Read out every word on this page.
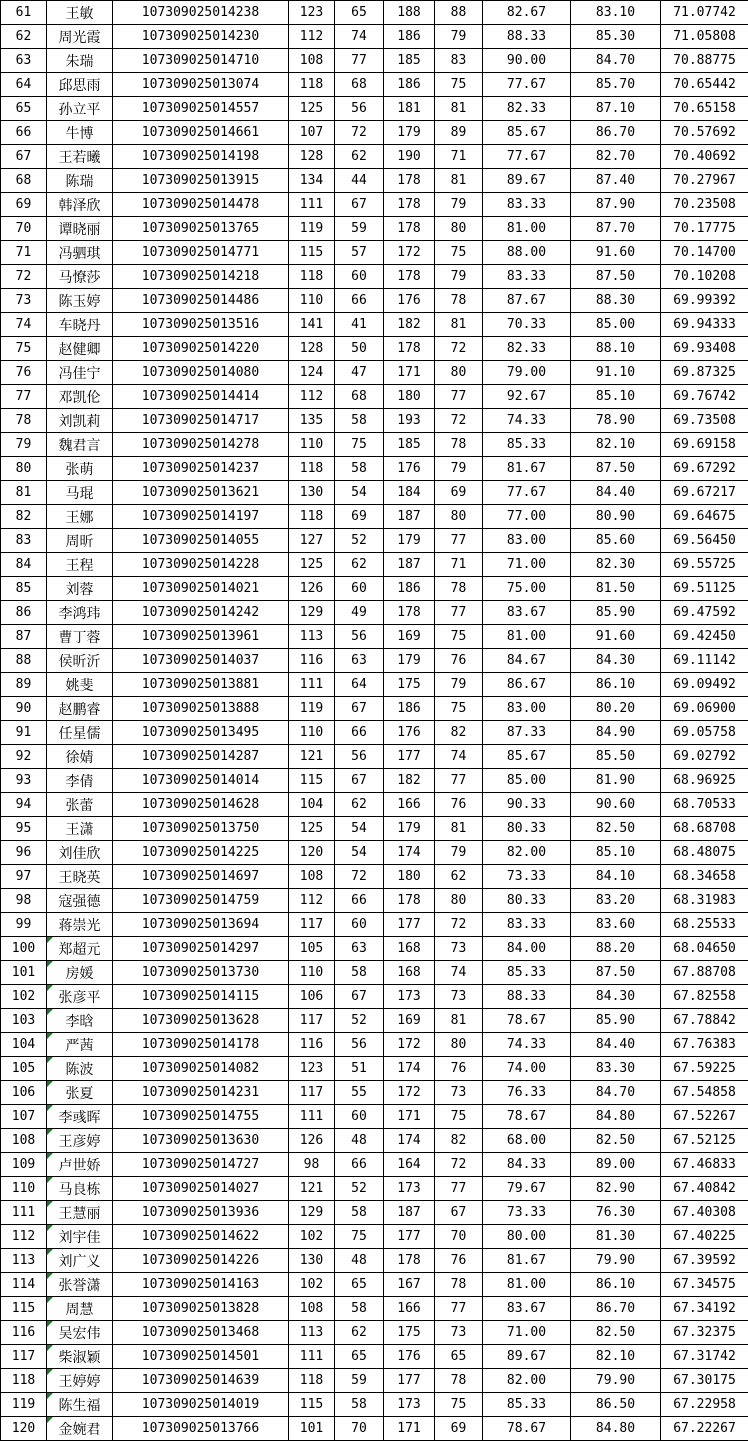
61	王敏	107309025014238	123	65	188	88	82.67	83.10	71.07742
62	周光霞	107309025014230	112	74	186	79	88.33	85.30	71.05808
63	朱瑞	107309025014710	108	77	185	83	90.00	84.70	70.88775
64	邱思雨	107309025013074	118	68	186	75	77.67	85.70	70.65442
65	孙立平	107309025014557	125	56	181	81	82.33	87.10	70.65158
66	牛博	107309025014661	107	72	179	89	85.67	86.70	70.57692
67	王若曦	107309025014198	128	62	190	71	77.67	82.70	70.40692
68	陈瑞	107309025013915	134	44	178	81	89.67	87.40	70.27967
69	韩泽欣	107309025014478	111	67	178	79	83.33	87.90	70.23508
70	谭晓丽	107309025013765	119	59	178	80	81.00	87.70	70.17775
71	冯驷琪	107309025014771	115	57	172	75	88.00	91.60	70.14700
72	马憭莎	107309025014218	118	60	178	79	83.33	87.50	70.10208
73	陈玉婷	107309025014486	110	66	176	78	87.67	88.30	69.99392
74	车晓丹	107309025013516	141	41	182	81	70.33	85.00	69.94333
75	赵健卿	107309025014220	128	50	178	72	82.33	88.10	69.93408
76	冯佳宁	107309025014080	124	47	171	80	79.00	91.10	69.87325
77	邓凯伦	107309025014414	112	68	180	77	92.67	85.10	69.76742
78	刘凯莉	107309025014717	135	58	193	72	74.33	78.90	69.73508
79	魏君言	107309025014278	110	75	185	78	85.33	82.10	69.69158
80	张萌	107309025014237	118	58	176	79	81.67	87.50	69.67292
81	马琨	107309025013621	130	54	184	69	77.67	84.40	69.67217
82	王娜	107309025014197	118	69	187	80	77.00	80.90	69.64675
83	周昕	107309025014055	127	52	179	77	83.00	85.60	69.56450
84	王程	107309025014228	125	62	187	71	71.00	82.30	69.55725
85	刘蓉	107309025014021	126	60	186	78	75.00	81.50	69.51125
86	李鸿玮	107309025014242	129	49	178	77	83.67	85.90	69.47592
87	曹丁蓉	107309025013961	113	56	169	75	81.00	91.60	69.42450
88	侯昕沂	107309025014037	116	63	179	76	84.67	84.30	69.11142
89	姚斐	107309025013881	111	64	175	79	86.67	86.10	69.09492
90	赵鹏睿	107309025013888	119	67	186	75	83.00	80.20	69.06900
91	任星儒	107309025013495	110	66	176	82	87.33	84.90	69.05758
92	徐婧	107309025014287	121	56	177	74	85.67	85.50	69.02792
93	李倩	107309025014014	115	67	182	77	85.00	81.90	68.96925
94	张蕾	107309025014628	104	62	166	76	90.33	90.60	68.70533
95	王潇	107309025013750	125	54	179	81	80.33	82.50	68.68708
96	刘佳欣	107309025014225	120	54	174	79	82.00	85.10	68.48075
97	王晓英	107309025014697	108	72	180	62	73.33	84.10	68.34658
98	寇强德	107309025014759	112	66	178	80	80.33	83.20	68.31983
99	蒋崇光	107309025013694	117	60	177	72	83.33	83.60	68.25533
100	郑超元	107309025014297	105	63	168	73	84.00	88.20	68.04650
101	房媛	107309025013730	110	58	168	74	85.33	87.50	67.88708
102	张彦平	107309025014115	106	67	173	73	88.33	84.30	67.82558
103	李晗	107309025013628	117	52	169	81	78.67	85.90	67.78842
104	严茜	107309025014178	116	56	172	80	74.33	84.40	67.76383
105	陈波	107309025014082	123	51	174	76	74.00	83.30	67.59225
106	张夏	107309025014231	117	55	172	73	76.33	84.70	67.54858
107	李彧晖	107309025014755	111	60	171	75	78.67	84.80	67.52267
108	王彦婷	107309025013630	126	48	174	82	68.00	82.50	67.52125
109	卢世娇	107309025014727	98	66	164	72	84.33	89.00	67.46833
110	马良栋	107309025014027	121	52	173	77	79.67	82.90	67.40842
111	王慧丽	107309025013936	129	58	187	67	73.33	76.30	67.40308
112	刘宇佳	107309025014622	102	75	177	70	80.00	81.30	67.40225
113	刘广义	107309025014226	130	48	178	76	81.67	79.90	67.39592
114	张誉潇	107309025014163	102	65	167	78	81.00	86.10	67.34575
115	周慧	107309025013828	108	58	166	77	83.67	86.70	67.34192
116	吴宏伟	107309025013468	113	62	175	73	71.00	82.50	67.32375
117	柴淑颖	107309025014501	111	65	176	65	89.67	82.10	67.31742
118	王婷婷	107309025014639	118	59	177	78	82.00	79.90	67.30175
119	陈生福	107309025014019	115	58	173	75	85.33	86.50	67.22958
120	金婉君	107309025013766	101	70	171	69	78.67	84.80	67.22267
